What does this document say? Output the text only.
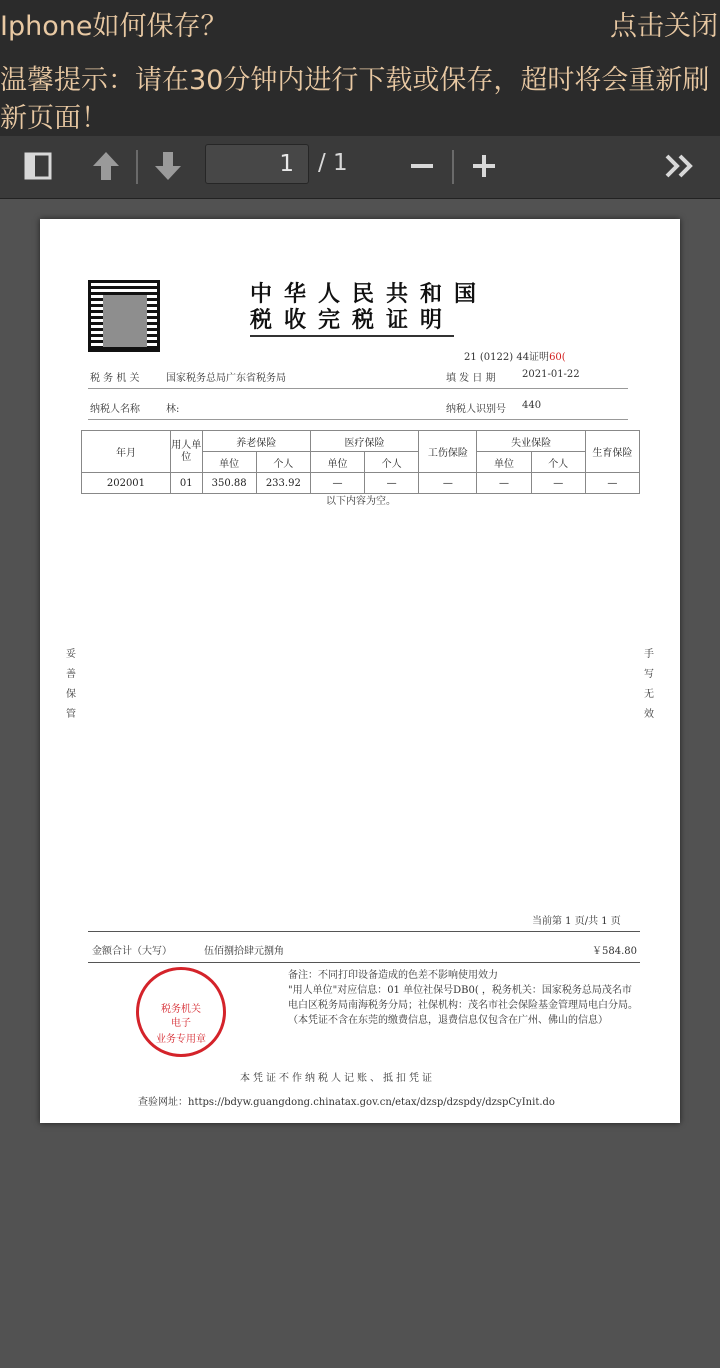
Iphone如何保存？	点击关闭
温馨提示：请在30分钟内进行下载或保存，超时将会重新刷新页面！
1
/ 1
中华人民共和国
税收完税证明
21 (0122) 44证明60(
税 务 机 关	国家税务总局广东省税务局	填 发 日 期	2021-01-22
纳税人名称	林:	纳税人识别号 440
年月	用人单位	养老保险		医疗保险		工伤保险	失业保险		生育保险
		单位	个人	单位	个人		单位	个人	
202001	01	350.88	233.92	—	—	—	—	—	—
以下内容为空。
妥善保管
手写无效
当前第 1 页/共 1 页
金额合计（大写）	伍佰捌拾肆元捌角	￥584.80
税务机关
电子
业务专用章
备注：不同打印设备造成的色差不影响使用效力
"用人单位"对应信息：01 单位社保号DB0( ，税务机关：国家税务总局茂名市电白区税务局南海税务分局；社保机构：茂名市社会保险基金管理局电白分局。（本凭证不含在东莞的缴费信息，退费信息仅包含在广州、佛山的信息）
本凭证不作纳税人记账、抵扣凭证
查验网址：https://bdyw.guangdong.chinatax.gov.cn/etax/dzsp/dzspdy/dzspCyInit.do
